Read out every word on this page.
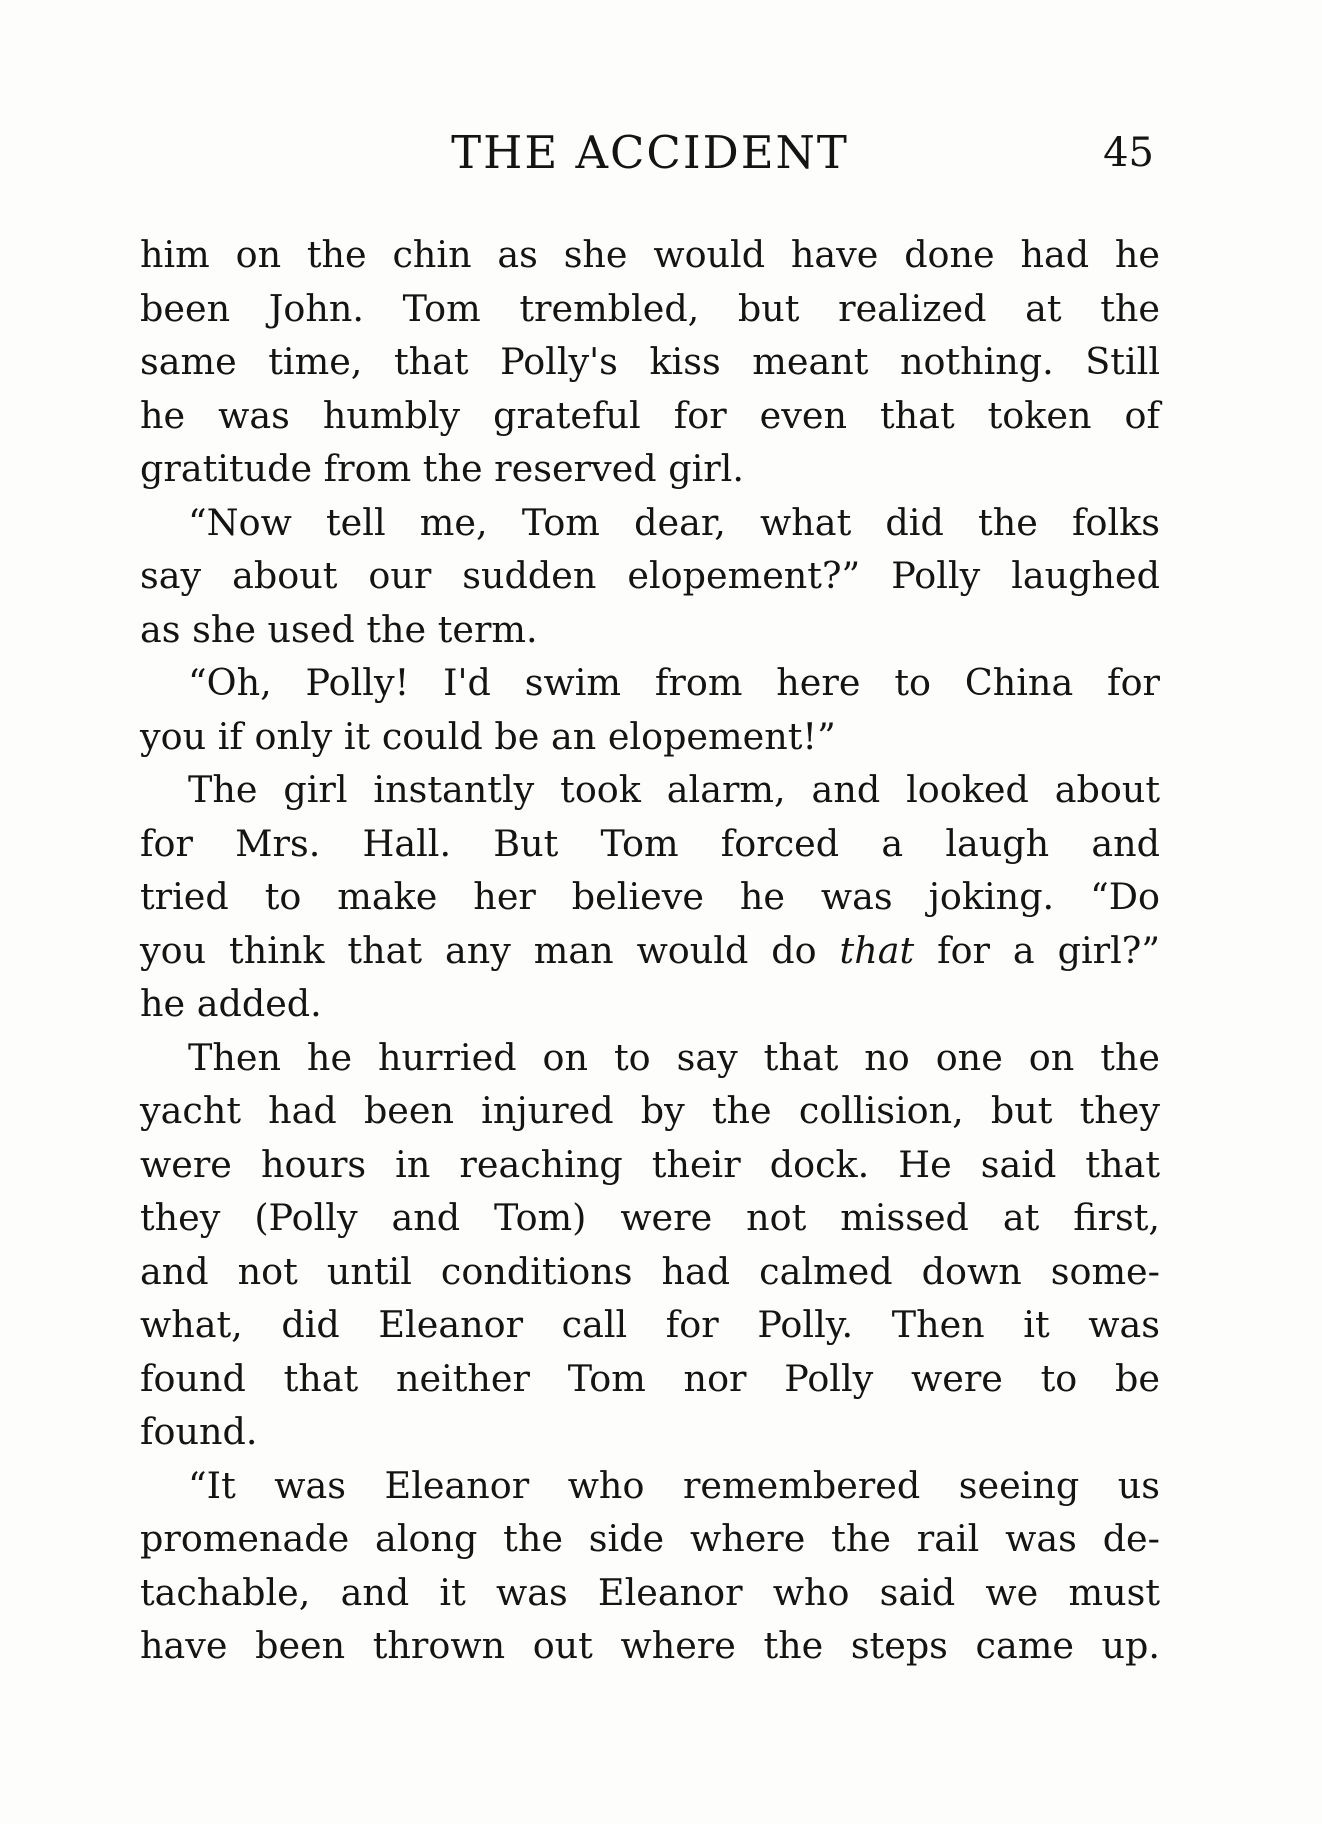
THE ACCIDENT	45

him on the chin as she would have done had he
been John. Tom trembled, but realized at the
same time, that Polly's kiss meant nothing. Still
he was humbly grateful for even that token of
gratitude from the reserved girl.

“Now tell me, Tom dear, what did the folks
say about our sudden elopement?” Polly laughed
as she used the term.

“Oh, Polly! I'd swim from here to China for
you if only it could be an elopement!”

The girl instantly took alarm, and looked about
for Mrs. Hall. But Tom forced a laugh and
tried to make her believe he was joking. “Do
you think that any man would do that for a girl?”
he added.

Then he hurried on to say that no one on the
yacht had been injured by the collision, but they
were hours in reaching their dock. He said that
they (Polly and Tom) were not missed at first,
and not until conditions had calmed down some-
what, did Eleanor call for Polly. Then it was
found that neither Tom nor Polly were to be
found.

“It was Eleanor who remembered seeing us
promenade along the side where the rail was de-
tachable, and it was Eleanor who said we must
have been thrown out where the steps came up.
